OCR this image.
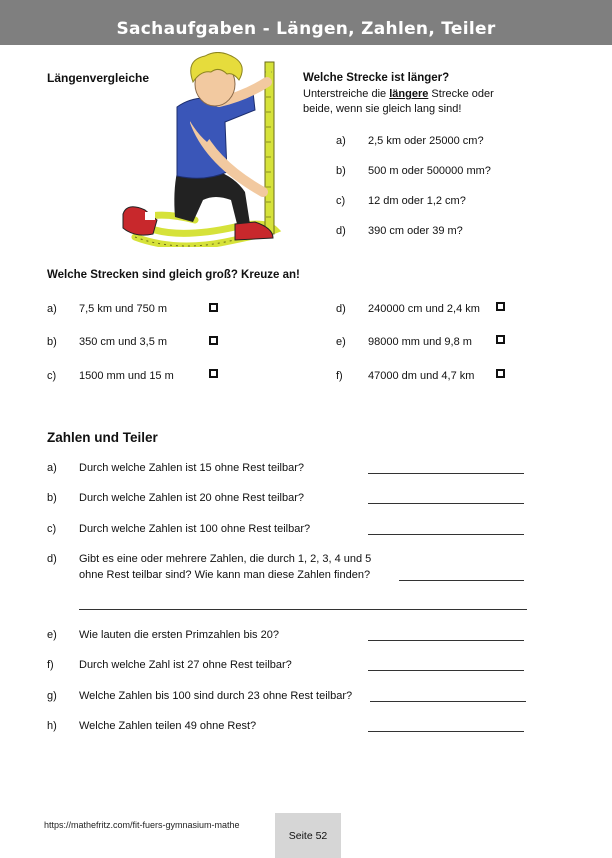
Sachaufgaben - Längen, Zahlen, Teiler
Längenvergleiche	Welche Strecke ist länger?
Unterstreiche die längere Strecke oder
beide, wenn sie gleich lang sind!
a) 2,5 km oder 25000 cm?
b) 500 m oder 500000 mm?
c) 12 dm oder 1,2 cm?
d) 390 cm oder 39 m?
Welche Strecken sind gleich groß? Kreuze an!
a) 7,5 km und 750 m
b) 350 cm und 3,5 m
c) 1500 mm und 15 m
d) 240000 cm und 2,4 km
e) 98000 mm und 9,8 m
f) 47000 dm und 4,7 km
Zahlen und Teiler
a) Durch welche Zahlen ist 15 ohne Rest teilbar?
b) Durch welche Zahlen ist 20 ohne Rest teilbar?
c) Durch welche Zahlen ist 100 ohne Rest teilbar?
d) Gibt es eine oder mehrere Zahlen, die durch 1, 2, 3, 4 und 5
ohne Rest teilbar sind? Wie kann man diese Zahlen finden?
e) Wie lauten die ersten Primzahlen bis 20?
f) Durch welche Zahl ist 27 ohne Rest teilbar?
g) Welche Zahlen bis 100 sind durch 23 ohne Rest teilbar?
h) Welche Zahlen teilen 49 ohne Rest?
https://mathefritz.com/fit-fuers-gymnasium-mathe
Seite 52
